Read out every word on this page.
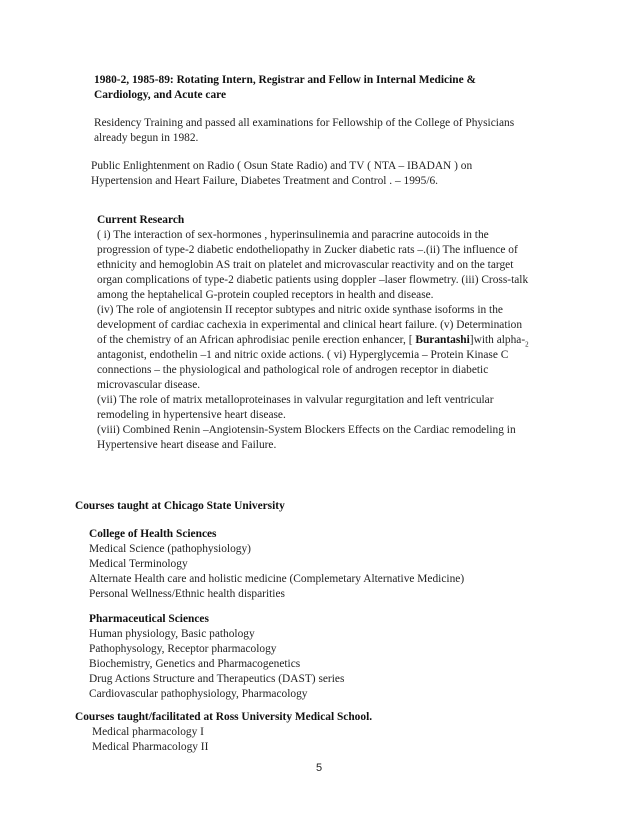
1980-2, 1985-89: Rotating Intern, Registrar and Fellow in Internal Medicine &
Cardiology, and Acute care
Residency Training and passed all examinations for Fellowship of the College of Physicians
already begun in 1982.
Public Enlightenment on Radio ( Osun State Radio) and TV ( NTA – IBADAN ) on
Hypertension and Heart Failure, Diabetes Treatment and Control . – 1995/6.
Current Research
( i) The interaction of sex-hormones , hyperinsulinemia and paracrine autocoids in the
progression of type-2 diabetic endotheliopathy in Zucker diabetic rats –.(ii) The influence of
ethnicity and hemoglobin AS trait on platelet and microvascular reactivity and on the target
organ complications of type-2 diabetic patients using doppler –laser flowmetry. (iii) Cross-talk
among the heptahelical G-protein coupled receptors in health and disease.
(iv) The role of angiotensin II receptor subtypes and nitric oxide synthase isoforms in the
development of cardiac cachexia in experimental and clinical heart failure. (v) Determination
of the chemistry of an African aphrodisiac penile erection enhancer, [ Burantashi]with alpha-$_2$
antagonist, endothelin –1 and nitric oxide actions. ( vi) Hyperglycemia – Protein Kinase C
connections – the physiological and pathological role of androgen receptor in diabetic
microvascular disease.
(vii) The role of matrix metalloproteinases in valvular regurgitation and left ventricular
remodeling in hypertensive heart disease.
(viii) Combined Renin –Angiotensin-System Blockers Effects on the Cardiac remodeling in
Hypertensive heart disease and Failure.
Courses taught at Chicago State University
College of Health Sciences
Medical Science (pathophysiology)
Medical Terminology
Alternate Health care and holistic medicine (Complemetary Alternative Medicine)
Personal Wellness/Ethnic health disparities
Pharmaceutical Sciences
Human physiology, Basic pathology
Pathophysology, Receptor pharmacology
Biochemistry, Genetics and Pharmacogenetics
Drug Actions Structure and Therapeutics (DAST) series
Cardiovascular pathophysiology, Pharmacology
Courses taught/facilitated at Ross University Medical School.
Medical pharmacology I
Medical Pharmacology II
5
